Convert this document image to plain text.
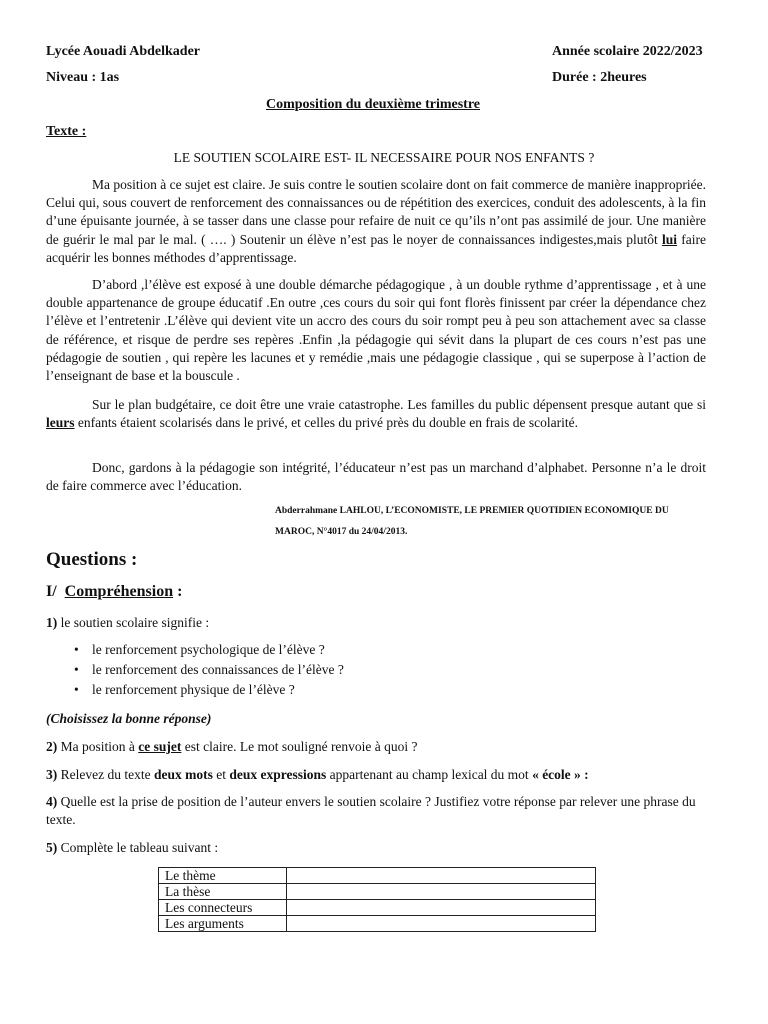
Lycée Aouadi Abdelkader	Année scolaire 2022/2023
Niveau : 1as	Durée : 2heures
Composition du deuxième trimestre
Texte :
LE SOUTIEN SCOLAIRE EST- IL NECESSAIRE POUR NOS ENFANTS ?

Ma position à ce sujet est claire. Je suis contre le soutien scolaire dont on fait commerce de manière inappropriée. Celui qui, sous couvert de renforcement des connaissances ou de répétition des exercices, conduit des adolescents, à la fin d’une épuisante journée, à se tasser dans une classe pour refaire de nuit ce qu’ils n’ont pas assimilé de jour. Une manière de guérir le mal par le mal. ( …. ) Soutenir un élève n’est pas le noyer de connaissances indigestes,mais plutôt lui faire acquérir les bonnes méthodes d’apprentissage.

D’abord ,l’élève est exposé à une double démarche pédagogique , à un double rythme d’apprentissage , et à une double appartenance de groupe éducatif .En outre ,ces cours du soir qui font florès finissent par créer la dépendance chez l’élève et l’entretenir .L’élève qui devient vite un accro des cours du soir rompt peu à peu son attachement avec sa classe de référence, et risque de perdre ses repères .Enfin ,la pédagogie qui sévit dans la plupart de ces cours n’est pas une pédagogie de soutien , qui repère les lacunes et y remédie ,mais une pédagogie classique , qui se superpose à l’action de l’enseignant de base et la bouscule .

Sur le plan budgétaire, ce doit être une vraie catastrophe. Les familles du public dépensent presque autant que si leurs enfants étaient scolarisés dans le privé, et celles du privé près du double en frais de scolarité.

Donc, gardons à la pédagogie son intégrité, l’éducateur n’est pas un marchand d’alphabet. Personne n’a le droit de faire commerce avec l’éducation.

Abderrahmane LAHLOU, L’ECONOMISTE, LE PREMIER QUOTIDIEN ECONOMIQUE DU
MAROC, N°4017 du 24/04/2013.
Questions :
I/ Compréhension :
1) le soutien scolaire signifie :
• le renforcement psychologique de l’élève ?
• le renforcement des connaissances de l’élève ?
• le renforcement physique de l’élève ?
(Choisissez la bonne réponse)
2) Ma position à ce sujet est claire. Le mot souligné renvoie à quoi ?
3) Relevez du texte deux mots et deux expressions appartenant au champ lexical du mot « école » :
4) Quelle est la prise de position de l’auteur envers le soutien scolaire ? Justifiez votre réponse par relever une phrase du texte.
5) Complète le tableau suivant :
Le thème	
La thèse	
Les connecteurs	
Les arguments	
